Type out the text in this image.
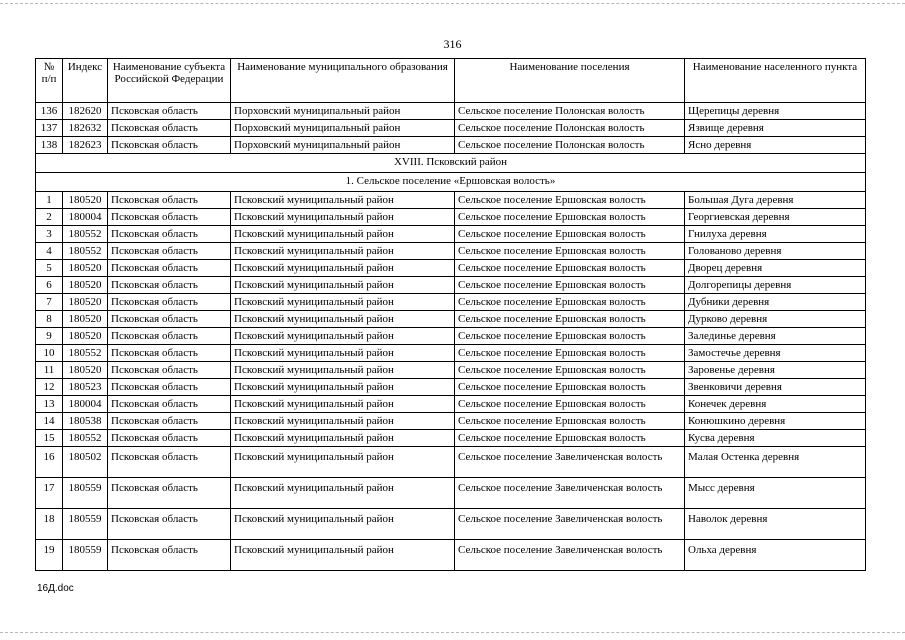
316
№ п/п	Индекс	Наименование субъекта Российской Федерации	Наименование муниципального образования	Наименование поселения	Наименование населенного пункта
136	182620	Псковская область	Порховский муниципальный район	Сельское поселение Полонская волость	Щерепицы деревня
137	182632	Псковская область	Порховский муниципальный район	Сельское поселение Полонская волость	Язвище деревня
138	182623	Псковская область	Порховский муниципальный район	Сельское поселение Полонская волость	Ясно деревня
XVIII. Псковский район					
1. Сельское поселение «Ершовская волость»					
1	180520	Псковская область	Псковский муниципальный район	Сельское поселение Ершовская волость	Большая Дуга деревня
2	180004	Псковская область	Псковский муниципальный район	Сельское поселение Ершовская волость	Георгиевская деревня
3	180552	Псковская область	Псковский муниципальный район	Сельское поселение Ершовская волость	Гнилуха деревня
4	180552	Псковская область	Псковский муниципальный район	Сельское поселение Ершовская волость	Голованово деревня
5	180520	Псковская область	Псковский муниципальный район	Сельское поселение Ершовская волость	Дворец деревня
6	180520	Псковская область	Псковский муниципальный район	Сельское поселение Ершовская волость	Долгорепицы деревня
7	180520	Псковская область	Псковский муниципальный район	Сельское поселение Ершовская волость	Дубники деревня
8	180520	Псковская область	Псковский муниципальный район	Сельское поселение Ершовская волость	Дурково деревня
9	180520	Псковская область	Псковский муниципальный район	Сельское поселение Ершовская волость	Залединье деревня
10	180552	Псковская область	Псковский муниципальный район	Сельское поселение Ершовская волость	Замостечье деревня
11	180520	Псковская область	Псковский муниципальный район	Сельское поселение Ершовская волость	Заровенье деревня
12	180523	Псковская область	Псковский муниципальный район	Сельское поселение Ершовская волость	Звенковичи деревня
13	180004	Псковская область	Псковский муниципальный район	Сельское поселение Ершовская волость	Конечек деревня
14	180538	Псковская область	Псковский муниципальный район	Сельское поселение Ершовская волость	Конюшкино деревня
15	180552	Псковская область	Псковский муниципальный район	Сельское поселение Ершовская волость	Кусва деревня
16	180502	Псковская область	Псковский муниципальный район	Сельское поселение Завеличенская волость	Малая Остенка деревня
17	180559	Псковская область	Псковский муниципальный район	Сельское поселение Завеличенская волость	Мысс деревня
18	180559	Псковская область	Псковский муниципальный район	Сельское поселение Завеличенская волость	Наволок деревня
19	180559	Псковская область	Псковский муниципальный район	Сельское поселение Завеличенская волость	Ольха деревня
16Д.doc
